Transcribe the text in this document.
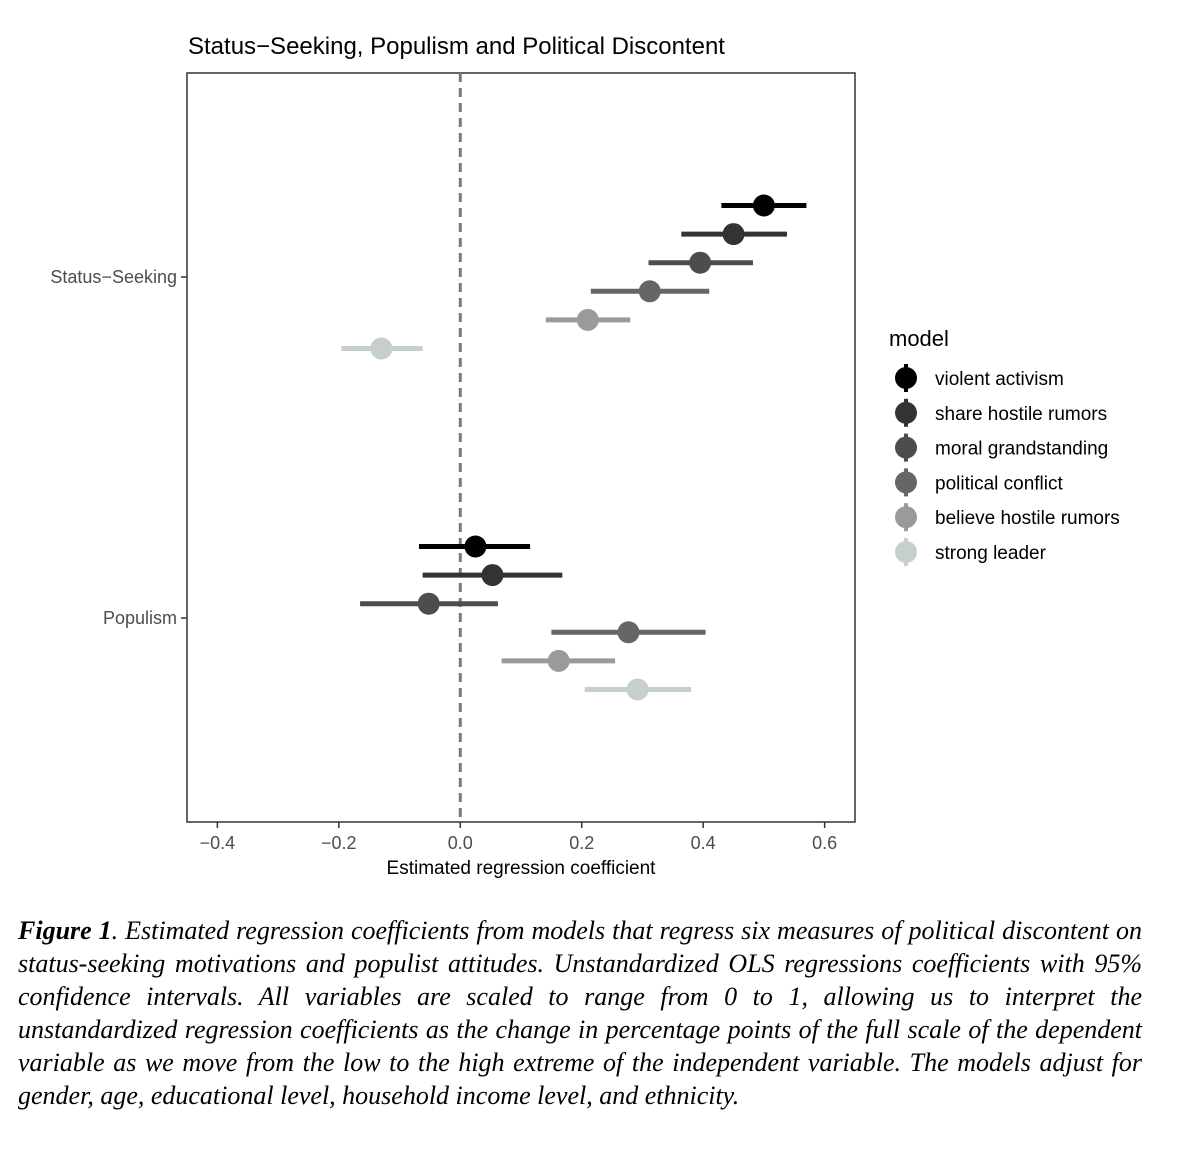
Status−Seeking, Populism and Political Discontent
Status−Seeking
Populism
−0.4	−0.2	0.0	0.2	0.4	0.6
Estimated regression coefficient
model
violent activism
share hostile rumors
moral grandstanding
political conflict
believe hostile rumors
strong leader
Figure 1. Estimated regression coefficients from models that regress six measures of political discontent on status-seeking motivations and populist attitudes. Unstandardized OLS regressions coefficients with 95% confidence intervals. All variables are scaled to range from 0 to 1, allowing us to interpret the unstandardized regression coefficients as the change in percentage points of the full scale of the dependent variable as we move from the low to the high extreme of the independent variable. The models adjust for gender, age, educational level, household income level, and ethnicity.
